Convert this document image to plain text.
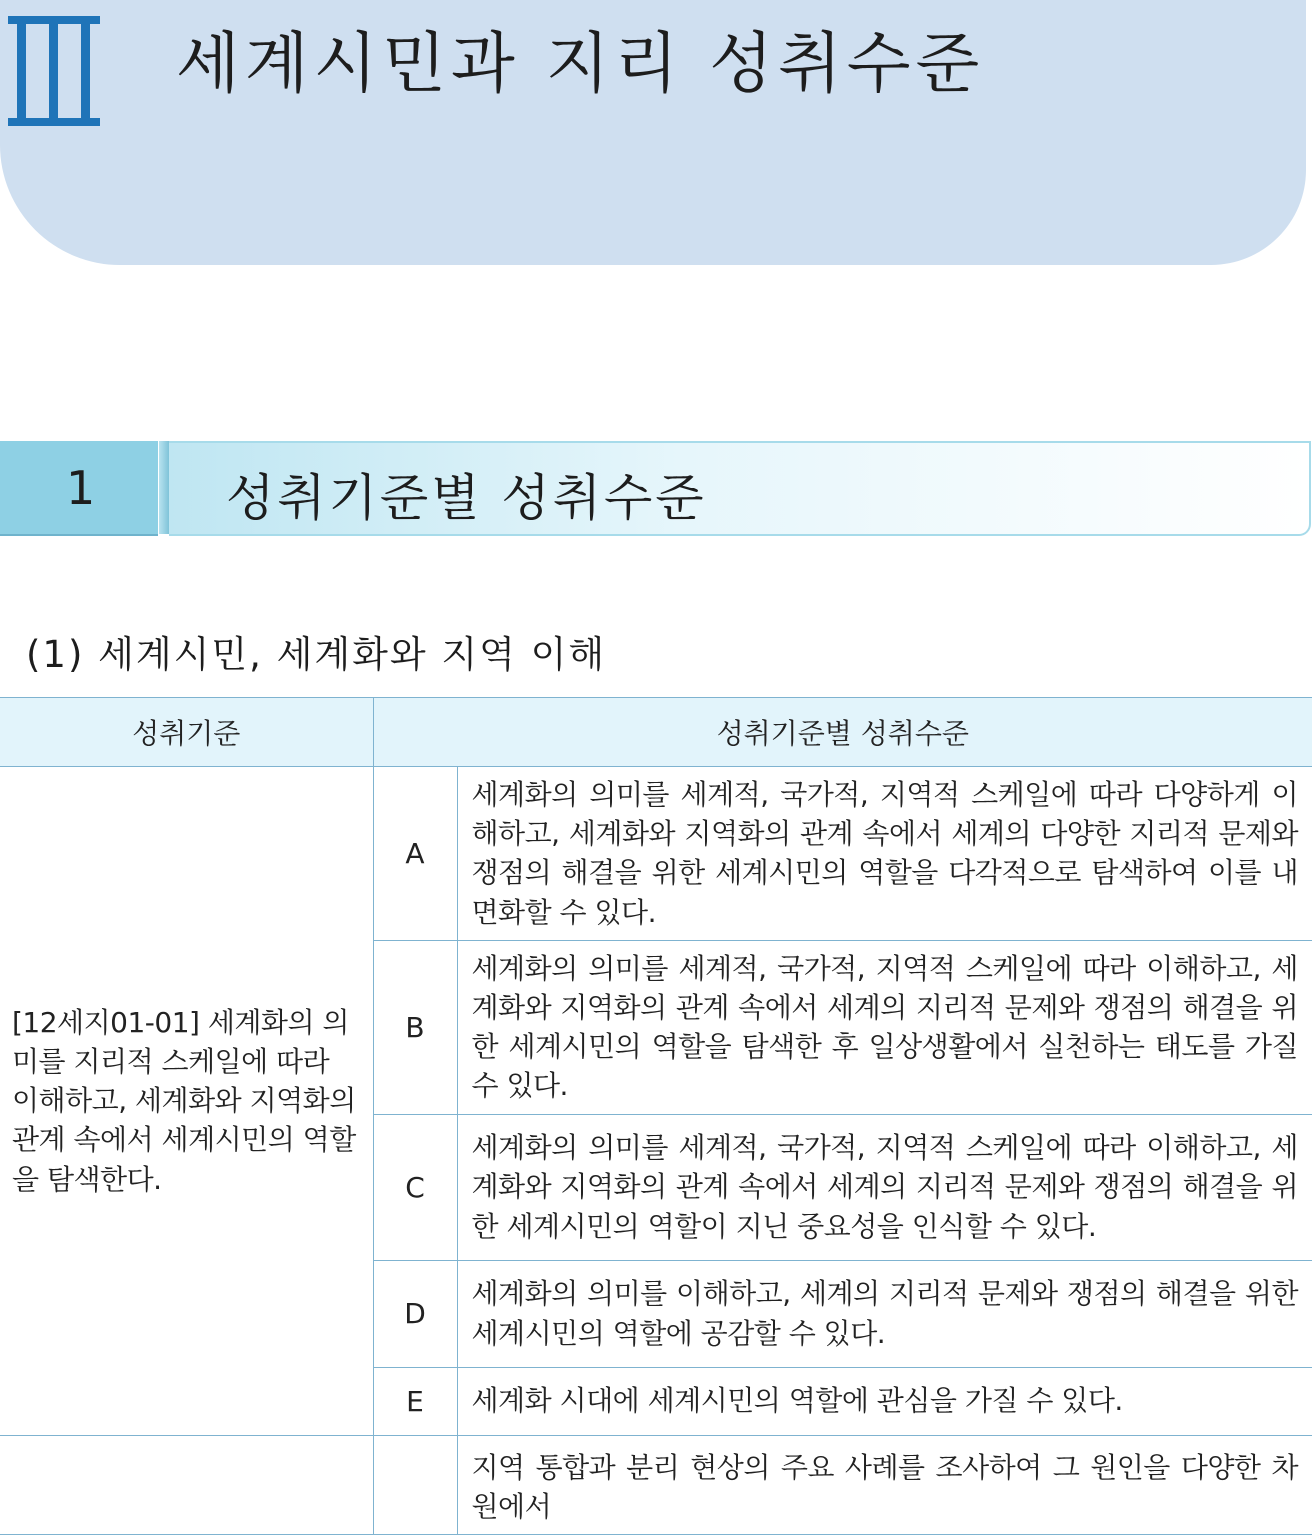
세계시민과 지리 성취수준
1	성취기준별 성취수준
(1) 세계시민, 세계화와 지역 이해
성취기준	성취기준별 성취수준	
[12세지01-01] 세계화의 의미를 지리적 스케일에 따라 이해하고, 세계화와 지역화의 관계 속에서 세계시민의 역할을 탐색한다.	A	세계화의 의미를 세계적, 국가적, 지역적 스케일에 따라 다양하게 이해하고, 세계화와 지역화의 관계 속에서 세계의 다양한 지리적 문제와 쟁점의 해결을 위한 세계시민의 역할을 다각적으로 탐색하여 이를 내면화할 수 있다.
	B	세계화의 의미를 세계적, 국가적, 지역적 스케일에 따라 이해하고, 세계화와 지역화의 관계 속에서 세계의 지리적 문제와 쟁점의 해결을 위한 세계시민의 역할을 탐색한 후 일상생활에서 실천하는 태도를 가질 수 있다.
	C	세계화의 의미를 세계적, 국가적, 지역적 스케일에 따라 이해하고, 세계화와 지역화의 관계 속에서 세계의 지리적 문제와 쟁점의 해결을 위한 세계시민의 역할이 지닌 중요성을 인식할 수 있다.
	D	세계화의 의미를 이해하고, 세계의 지리적 문제와 쟁점의 해결을 위한 세계시민의 역할에 공감할 수 있다.
	E	세계화 시대에 세계시민의 역할에 관심을 가질 수 있다.
		지역 통합과 분리 현상의 주요 사례를 조사하여 그 원인을 다양한 차원에서
